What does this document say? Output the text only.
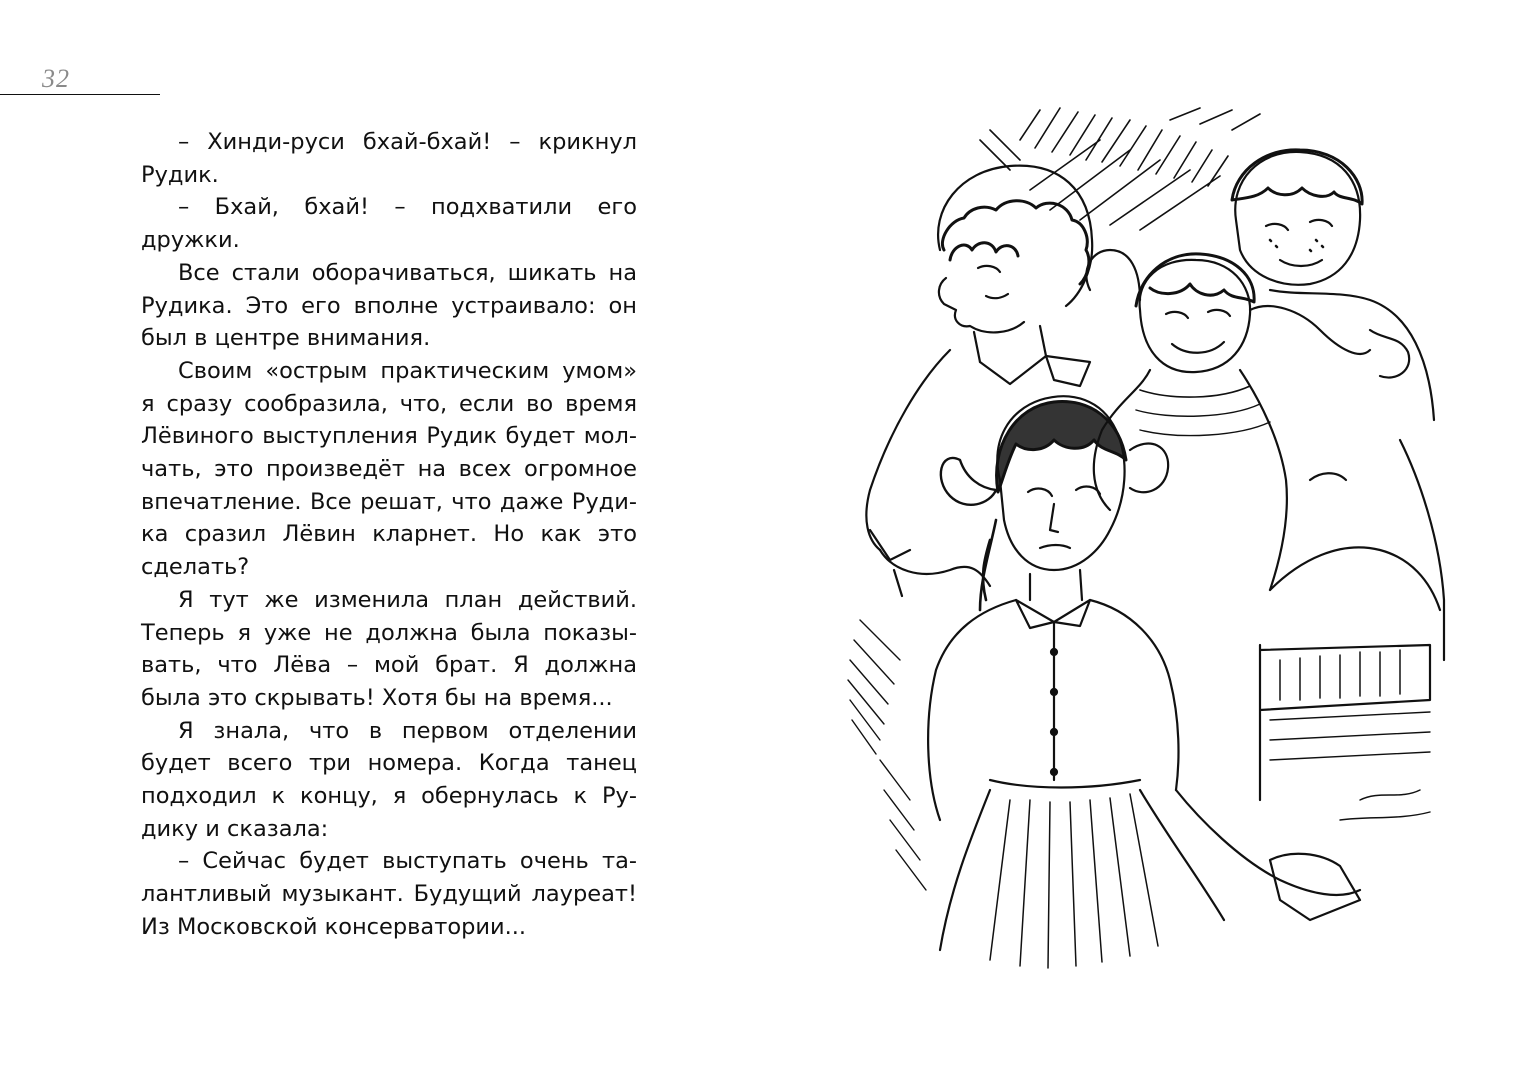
32

– Хинди-руси бхай-бхай! – крикнул Рудик.

– Бхай, бхай! – подхватили его дружки.

Все стали оборачиваться, шикать на Рудика. Это его вполне устраивало: он был в центре внимания.

Своим «острым практическим умом» я сразу сообразила, что, если во время Лёвиного выступления Рудик будет молчать, это произведёт на всех огромное впечатление. Все решат, что даже Рудика сразил Лёвин кларнет. Но как это сделать?

Я тут же изменила план действий. Теперь я уже не должна была показывать, что Лёва – мой брат. Я должна была это скрывать! Хотя бы на время...

Я знала, что в первом отделении будет всего три номера. Когда танец подходил к концу, я обернулась к Рудику и сказала:

– Сейчас будет выступать очень талантливый музыкант. Будущий лауреат! Из Московской консерватории...
